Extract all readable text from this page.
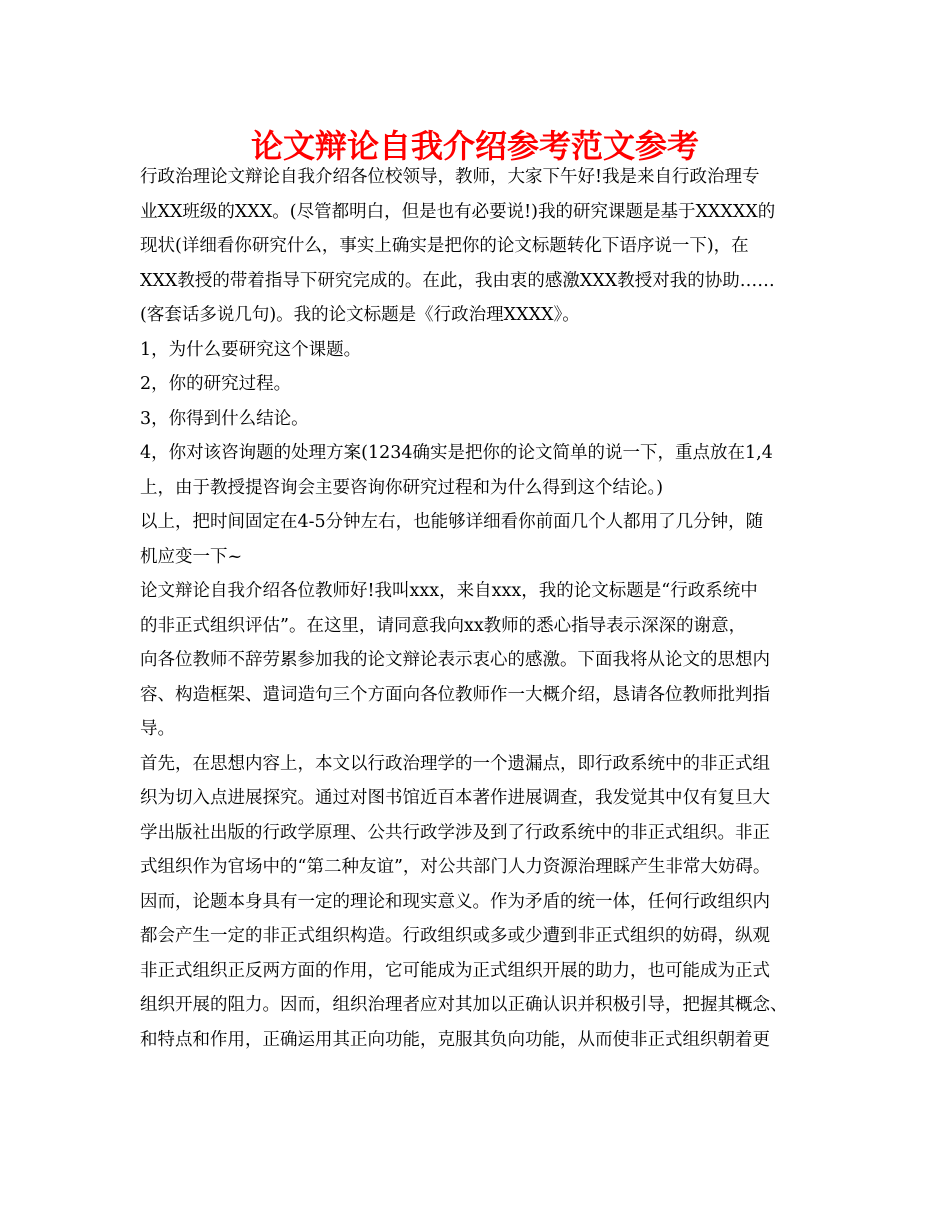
论文辩论自我介绍参考范文参考
行政治理论文辩论自我介绍各位校领导，教师，大家下午好!我是来自行政治理专
业XX班级的XXX。(尽管都明白，但是也有必要说!)我的研究课题是基于XXXXX的
现状(详细看你研究什么，事实上确实是把你的论文标题转化下语序说一下)，在
XXX教授的带着指导下研究完成的。在此，我由衷的感激XXX教授对我的协助……
(客套话多说几句)。我的论文标题是《行政治理XXXX》。
1，为什么要研究这个课题。
2，你的研究过程。
3，你得到什么结论。
4，你对该咨询题的处理方案(1234确实是把你的论文简单的说一下，重点放在1,4
上，由于教授提咨询会主要咨询你研究过程和为什么得到这个结论。)
以上，把时间固定在4-5分钟左右，也能够详细看你前面几个人都用了几分钟，随
机应变一下~
论文辩论自我介绍各位教师好!我叫xxx，来自xxx，我的论文标题是“行政系统中
的非正式组织评估”。在这里，请同意我向xx教师的悉心指导表示深深的谢意，
向各位教师不辞劳累参加我的论文辩论表示衷心的感激。下面我将从论文的思想内
容、构造框架、遣词造句三个方面向各位教师作一大概介绍，恳请各位教师批判指
导。
首先，在思想内容上，本文以行政治理学的一个遗漏点，即行政系统中的非正式组
织为切入点进展探究。通过对图书馆近百本著作进展调查，我发觉其中仅有复旦大
学出版社出版的行政学原理、公共行政学涉及到了行政系统中的非正式组织。非正
式组织作为官场中的“第二种友谊”，对公共部门人力资源治理睬产生非常大妨碍。
因而，论题本身具有一定的理论和现实意义。作为矛盾的统一体，任何行政组织内
都会产生一定的非正式组织构造。行政组织或多或少遭到非正式组织的妨碍，纵观
非正式组织正反两方面的作用，它可能成为正式组织开展的助力，也可能成为正式
组织开展的阻力。因而，组织治理者应对其加以正确认识并积极引导，把握其概念、
和特点和作用，正确运用其正向功能，克服其负向功能，从而使非正式组织朝着更
